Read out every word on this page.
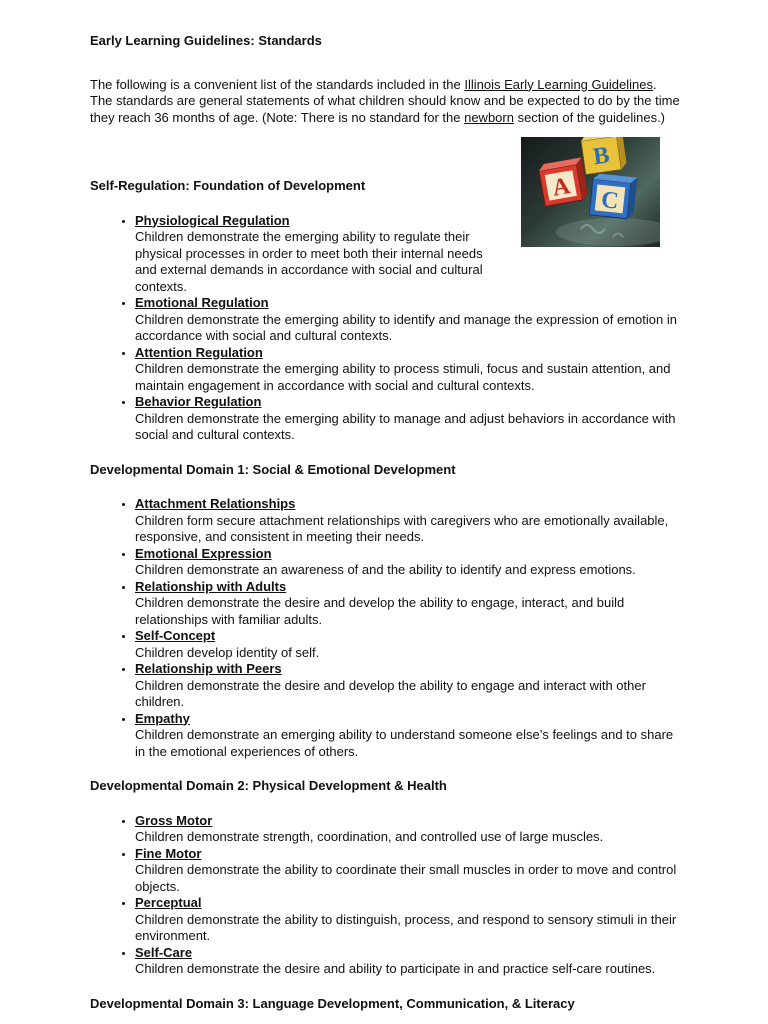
Early Learning Guidelines: Standards

The following is a convenient list of the standards included in the Illinois Early Learning Guidelines. The standards are general statements of what children should know and be expected to do by the time they reach 36 months of age. (Note: There is no standard for the newborn section of the guidelines.)

Self-Regulation: Foundation of Development

• Physiological Regulation
Children demonstrate the emerging ability to regulate their physical processes in order to meet both their internal needs and external demands in accordance with social and cultural contexts.
• Emotional Regulation
Children demonstrate the emerging ability to identify and manage the expression of emotion in accordance with social and cultural contexts.
• Attention Regulation
Children demonstrate the emerging ability to process stimuli, focus and sustain attention, and maintain engagement in accordance with social and cultural contexts.
• Behavior Regulation
Children demonstrate the emerging ability to manage and adjust behaviors in accordance with social and cultural contexts.

Developmental Domain 1: Social & Emotional Development

• Attachment Relationships
Children form secure attachment relationships with caregivers who are emotionally available, responsive, and consistent in meeting their needs.
• Emotional Expression
Children demonstrate an awareness of and the ability to identify and express emotions.
• Relationship with Adults
Children demonstrate the desire and develop the ability to engage, interact, and build relationships with familiar adults.
• Self-Concept
Children develop identity of self.
• Relationship with Peers
Children demonstrate the desire and develop the ability to engage and interact with other children.
• Empathy
Children demonstrate an emerging ability to understand someone else’s feelings and to share in the emotional experiences of others.

Developmental Domain 2: Physical Development & Health

• Gross Motor
Children demonstrate strength, coordination, and controlled use of large muscles.
• Fine Motor
Children demonstrate the ability to coordinate their small muscles in order to move and control objects.
• Perceptual
Children demonstrate the ability to distinguish, process, and respond to sensory stimuli in their environment.
• Self-Care
Children demonstrate the desire and ability to participate in and practice self-care routines.

Developmental Domain 3: Language Development, Communication, & Literacy

B
A C
